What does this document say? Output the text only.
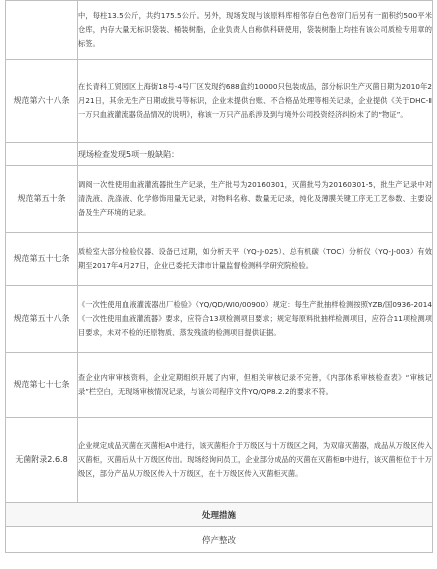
	中，每柱13.5公斤，共约175.5公斤。另外，现场发现与该原料库相邻存白色卷帘门后另有一面积约500平米仓库，内存大量无标识袋装、桶装树脂，企业负责人自称供科研使用，袋装树脂上均挂有该公司质检专用章的标签。
规范第六十八条	在长青科工贸园区上海街18号-4号厂区发现约688盒约10000只包装成品，部分标识生产灭菌日期为2010年2月21日，其余无生产日期或批号等标识，企业未提供台账、不合格品处理等相关记录，企业提供《关于DHC-Ⅱ一万只血液灌流器货品情况的说明》，称该一万只产品系涉及到与境外公司投资经济纠纷未了的“物证”。
	现场检查发现5项一般缺陷：
规范第五十条	调阅一次性使用血液灌流器批生产记录，生产批号为20160301，灭菌批号为20160301-5，批生产记录中对清洗液、洗涤液、化学修饰用量无记录，对物料名称、数量无记录，纯化及薄膜关键工序无工艺参数、主要设备及生产环境的记录。
规范第五十七条	质检室大部分检验仪器、设备已过期，如分析天平（YQ-J-025）、总有机碳（TOC）分析仪（YQ-J-003）有效期至2017年4月27日，企业已委托天津市计量监督检测科学研究院检验。
规范第五十八条	《一次性使用血液灌流器出厂检验》（YQ/QD/WI0/00900）规定：每生产批抽样检测按照YZB/国0936-2014《一次性使用血液灌流器》要求，应符合13项检测项目要求；规定每原料批抽样检测项目，应符合11项检测项目要求，未对不检的还原物质、蒸发残渣的检测项目提供证据。
规范第七十七条	查企业内审审核资料，企业定期组织开展了内审，但相关审核记录不完善，《内部体系审核检查表》“审核记录”栏空白，无现场审核情况记录，与该公司程序文件YQ/QP8.2.2的要求不符。
无菌附录2.6.8	企业规定成品灭菌在灭菌柜A中进行，该灭菌柜介于万级区与十万级区之间，为双扉灭菌器，成品从万级区传入灭菌柜，灭菌后从十万级区传出。现场经询问员工，企业部分成品的灭菌在灭菌柜B中进行，该灭菌柜位于十万级区，部分产品从万级区传入十万级区，在十万级区传入灭菌柜灭菌。
处理措施	
停产整改	
